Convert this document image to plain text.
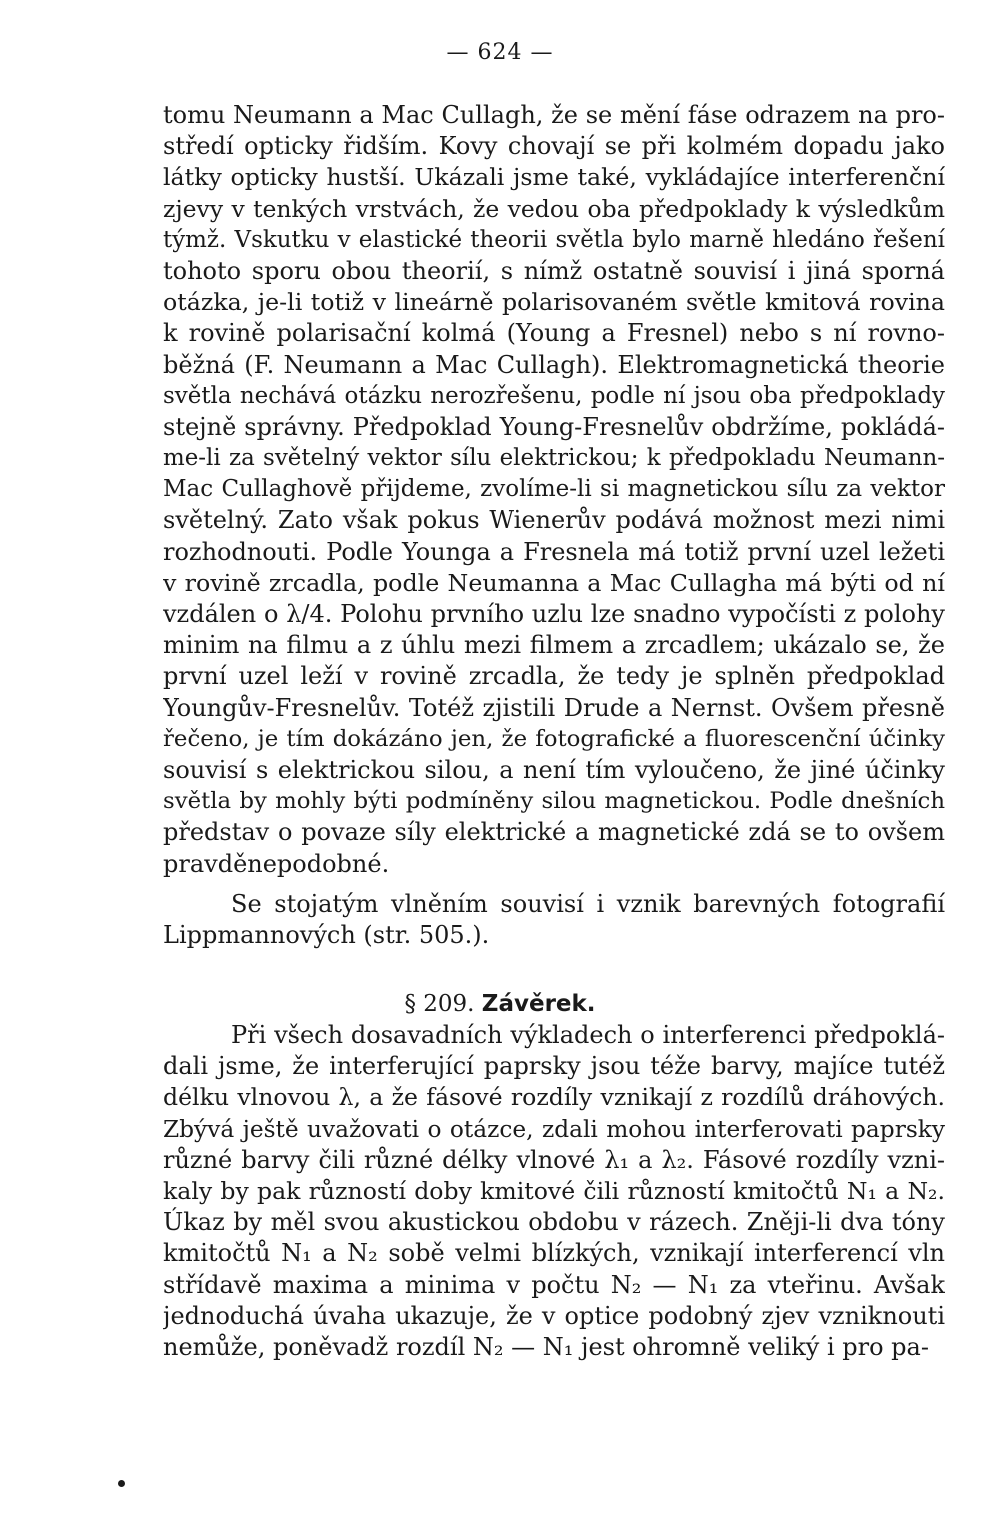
— 624 —
tomu Neumann a Mac Cullagh, že se mění fáse odrazem na pro-
středí opticky řidším. Kovy chovají se při kolmém dopadu jako
látky opticky hustší. Ukázali jsme také, vykládajíce interferenční
zjevy v tenkých vrstvách, že vedou oba předpoklady k výsledkům
týmž. Vskutku v elastické theorii světla bylo marně hledáno řešení
tohoto sporu obou theorií, s nímž ostatně souvisí i jiná sporná
otázka, je-li totiž v lineárně polarisovaném světle kmitová rovina
k rovině polarisační kolmá (Young a Fresnel) nebo s ní rovno-
běžná (F. Neumann a Mac Cullagh). Elektromagnetická theorie
světla nechává otázku nerozřešenu, podle ní jsou oba předpoklady
stejně správny. Předpoklad Young-Fresnelův obdržíme, pokládá-
me-li za světelný vektor sílu elektrickou; k předpokladu Neumann-
Mac Cullaghově přijdeme, zvolíme-li si magnetickou sílu za vektor
světelný. Zato však pokus Wienerův podává možnost mezi nimi
rozhodnouti. Podle Younga a Fresnela má totiž první uzel ležeti
v rovině zrcadla, podle Neumanna a Mac Cullagha má býti od ní
vzdálen o λ/4. Polohu prvního uzlu lze snadno vypočísti z polohy
minim na filmu a z úhlu mezi filmem a zrcadlem; ukázalo se, že
první uzel leží v rovině zrcadla, že tedy je splněn předpoklad
Youngův-Fresnelův. Totéž zjistili Drude a Nernst. Ovšem přesně
řečeno, je tím dokázáno jen, že fotografické a fluorescenční účinky
souvisí s elektrickou silou, a není tím vyloučeno, že jiné účinky
světla by mohly býti podmíněny silou magnetickou. Podle dnešních
představ o povaze síly elektrické a magnetické zdá se to ovšem
pravděnepodobné.
Se stojatým vlněním souvisí i vznik barevných fotografií
Lippmannových (str. 505.).
§ 209. Závěrek.
Při všech dosavadních výkladech o interferenci předpoklá-
dali jsme, že interferující paprsky jsou téže barvy, majíce tutéž
délku vlnovou λ, a že fásové rozdíly vznikají z rozdílů dráhových.
Zbývá ještě uvažovati o otázce, zdali mohou interferovati paprsky
různé barvy čili různé délky vlnové λ₁ a λ₂. Fásové rozdíly vzni-
kaly by pak růzností doby kmitové čili růzností kmitočtů N₁ a N₂.
Úkaz by měl svou akustickou obdobu v rázech. Zněji-li dva tóny
kmitočtů N₁ a N₂ sobě velmi blízkých, vznikají interferencí vln
střídavě maxima a minima v počtu N₂ — N₁ za vteřinu. Avšak
jednoduchá úvaha ukazuje, že v optice podobný zjev vzniknouti
nemůže, poněvadž rozdíl N₂ — N₁ jest ohromně veliký i pro pa-
